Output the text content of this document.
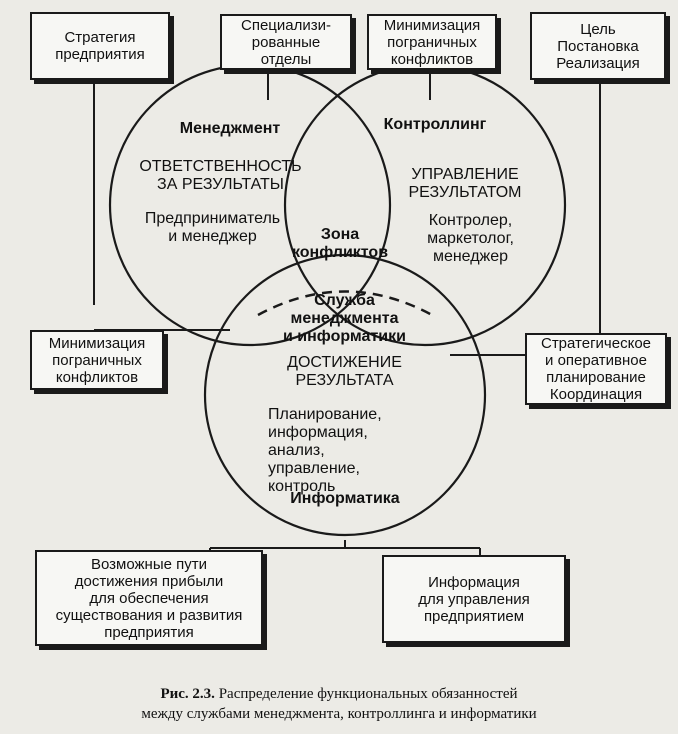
Стратегия
предприятия
Специализи-
рованные
отделы
Минимизация
пограничных
конфликтов
Цель
Постановка
Реализация
Минимизация
пограничных
конфликтов
Стратегическое
и оперативное
планирование
Координация
Возможные пути
достижения прибыли
для обеспечения
существования и развития
предприятия
Информация
для управления
предприятием
Менеджмент	Контроллинг
ОТВЕТСТВЕННОСТЬ
ЗА РЕЗУЛЬТАТЫ
УПРАВЛЕНИЕ
РЕЗУЛЬТАТОМ
Предприниматель
и менеджер
Контролер,
маркетолог,
менеджер
Зона
конфликтов
Служба
менеджмента
и информатики
ДОСТИЖЕНИЕ
РЕЗУЛЬТАТА
Планирование,
информация,
анализ,
управление,
контроль
Информатика
Рис. 2.3. Распределение функциональных обязанностей
между службами менеджмента, контроллинга и информатики
